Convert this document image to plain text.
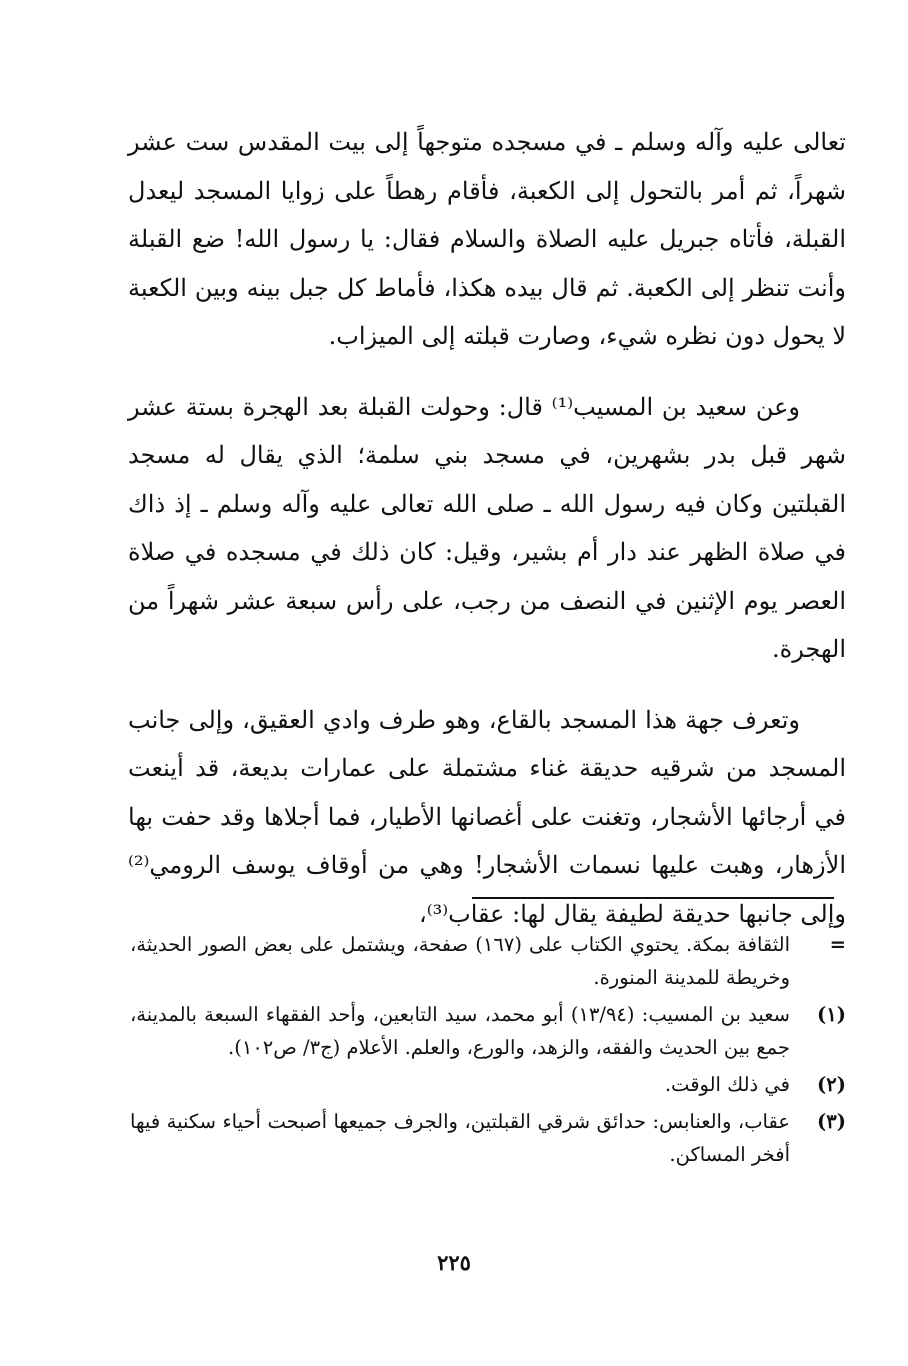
تعالى عليه وآله وسلم ـ في مسجده متوجهاً إلى بيت المقدس ست عشر شهراً، ثم أمر بالتحول إلى الكعبة، فأقام رهطاً على زوايا المسجد ليعدل القبلة، فأتاه جبريل عليه الصلاة والسلام فقال: يا رسول الله! ضع القبلة وأنت تنظر إلى الكعبة. ثم قال بيده هكذا، فأماط كل جبل بينه وبين الكعبة لا يحول دون نظره شيء، وصارت قبلته إلى الميزاب.

وعن سعيد بن المسيب⁽¹⁾ قال: وحولت القبلة بعد الهجرة بستة عشر شهر قبل بدر بشهرين، في مسجد بني سلمة؛ الذي يقال له مسجد القبلتين وكان فيه رسول الله ـ صلى الله تعالى عليه وآله وسلم ـ إذ ذاك في صلاة الظهر عند دار أم بشير، وقيل: كان ذلك في مسجده في صلاة العصر يوم الإثنين في النصف من رجب، على رأس سبعة عشر شهراً من الهجرة.

وتعرف جهة هذا المسجد بالقاع، وهو طرف وادي العقيق، وإلى جانب المسجد من شرقيه حديقة غناء مشتملة على عمارات بديعة، قد أينعت في أرجائها الأشجار، وتغنت على أغصانها الأطيار، فما أجلاها وقد حفت بها الأزهار، وهبت عليها نسمات الأشجار! وهي من أوقاف يوسف الرومي⁽²⁾ وإلى جانبها حديقة لطيفة يقال لها: عقاب⁽³⁾،

=
الثقافة بمكة. يحتوي الكتاب على (١٦٧) صفحة، ويشتمل على بعض الصور الحديثة، وخريطة للمدينة المنورة.
(١)
سعيد بن المسيب: (١٣/٩٤) أبو محمد، سيد التابعين، وأحد الفقهاء السبعة بالمدينة، جمع بين الحديث والفقه، والزهد، والورع، والعلم. الأعلام (ج٣/ ص١٠٢).
(٢)
في ذلك الوقت.
(٣)
عقاب، والعنابس: حدائق شرقي القبلتين، والجرف جميعها أصبحت أحياء سكنية فيها أفخر المساكن.
٢٢٥
